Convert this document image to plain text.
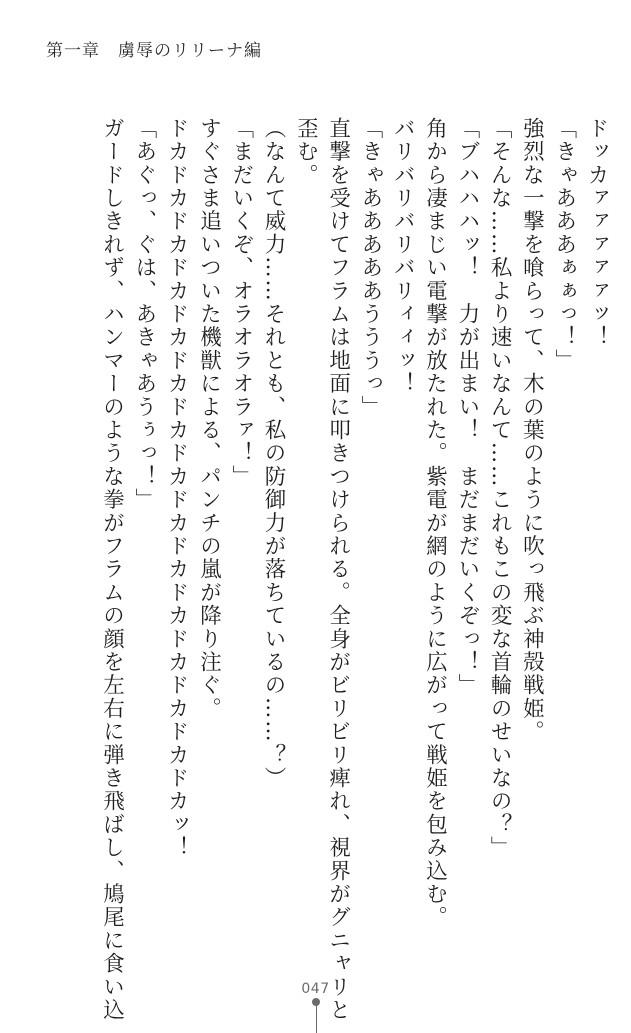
第一章　虜辱のリリーナ編
ドッカァァァァァッ！
「きゃあああぁぁっ！」
強烈な一撃を喰らって、木の葉のように吹っ飛ぶ神殻戦姫。
「そんな……私より速いなんて……これもこの変な首輪のせいなの？」
「ブハハハッ！　力が出まい！　まだまだいくぞっ！」
角から凄まじい電撃が放たれた。紫電が網のように広がって戦姫を包み込む。
バリバリバリバリィィッ！
「きゃあああああうううっ」
直撃を受けてフラムは地面に叩きつけられる。全身がビリビリ痺れ、視界がグニャリと
歪む。
（なんて威力……それとも、私の防御力が落ちているの……？）
「まだいくぞ、オラオラオラァ！」
すぐさま追いついた機獣による、パンチの嵐が降り注ぐ。
ドカドカドカドカドカドカドカドカドカドカドカドカドカドカドカッ！
「あぐっ、ぐは、あきゃあうぅっ！」
ガードしきれず、ハンマーのような拳がフラムの顔を左右に弾き飛ばし、鳩尾に食い込	047
